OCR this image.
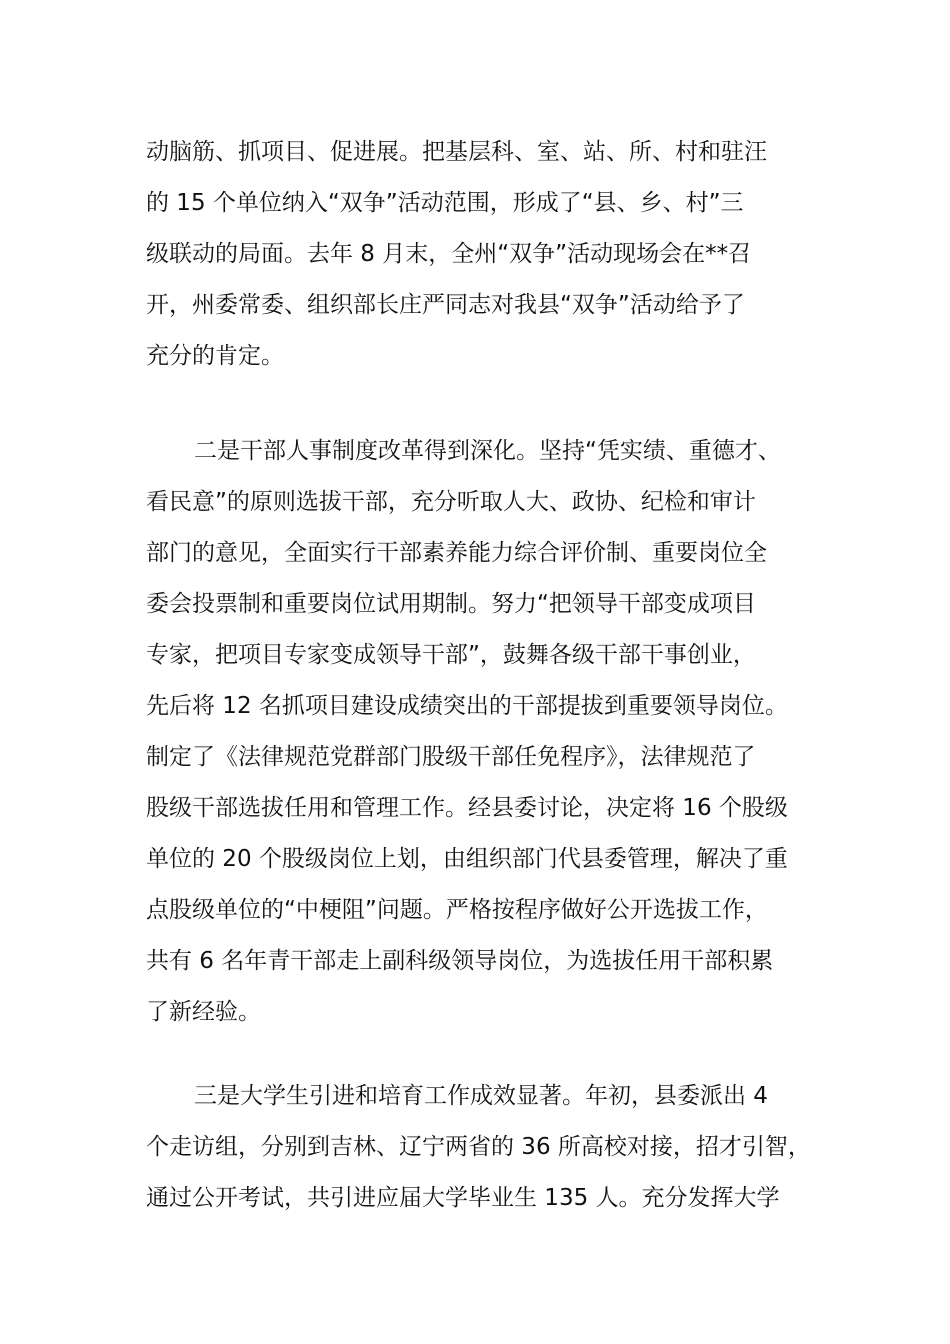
动脑筋、抓项目、促进展。把基层科、室、站、所、村和驻汪
的 15 个单位纳入“双争”活动范围，形成了“县、乡、村”三
级联动的局面。去年 8 月末，全州“双争”活动现场会在**召
开，州委常委、组织部长庄严同志对我县“双争”活动给予了
充分的肯定。
二是干部人事制度改革得到深化。坚持“凭实绩、重德才、
看民意”的原则选拔干部，充分听取人大、政协、纪检和审计
部门的意见，全面实行干部素养能力综合评价制、重要岗位全
委会投票制和重要岗位试用期制。努力“把领导干部变成项目
专家，把项目专家变成领导干部”，鼓舞各级干部干事创业，
先后将 12 名抓项目建设成绩突出的干部提拔到重要领导岗位。
制定了《法律规范党群部门股级干部任免程序》，法律规范了
股级干部选拔任用和管理工作。经县委讨论，决定将 16 个股级
单位的 20 个股级岗位上划，由组织部门代县委管理，解决了重
点股级单位的“中梗阻”问题。严格按程序做好公开选拔工作，
共有 6 名年青干部走上副科级领导岗位，为选拔任用干部积累
了新经验。
三是大学生引进和培育工作成效显著。年初，县委派出 4
个走访组，分别到吉林、辽宁两省的 36 所高校对接，招才引智，
通过公开考试，共引进应届大学毕业生 135 人。充分发挥大学
